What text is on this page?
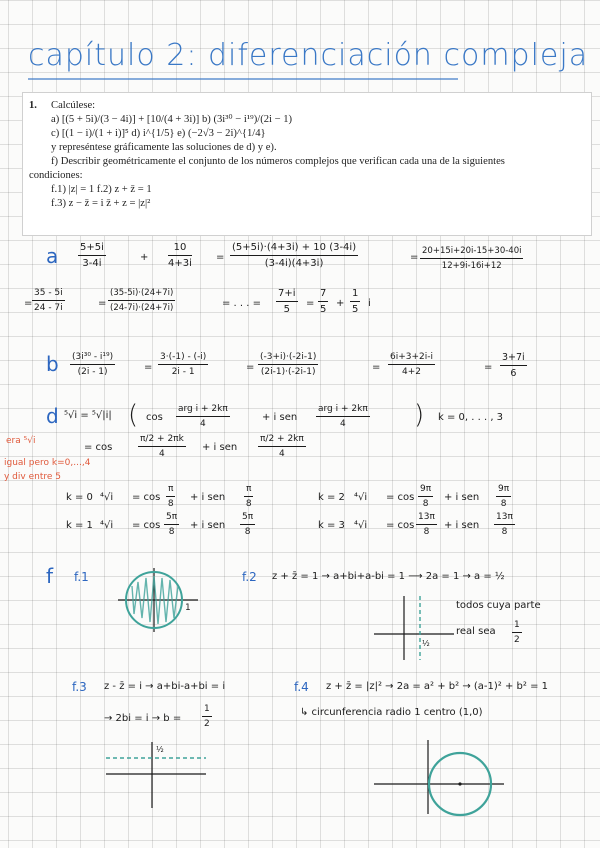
capítulo 2: diferenciación compleja
1. Calcúlese:
a) [(5 + 5i)/(3 − 4i)] + [10/(4 + 3i)] b) (3i³⁰ − i¹⁹)/(2i − 1)
c) [(1 − i)/(1 + i)]⁵ d) i^{1/5} e) (−2√3 − 2i)^{1/4}
y represéntese gráficamente las soluciones de d) y e).
f) Describir geométricamente el conjunto de los números complejos que verifican cada una de la siguientes
condiciones:
f.1) |z| = 1 f.2) z + z̄ = 1
f.3) z − z̄ = i z̄ + z = |z|²
a 5+5i
3-4i
+
10
4+3i
=
(5+5i)·(4+3i) + 10 (3-4i)
(3-4i)(4+3i)
=
20+15i+20i-15+30-40i
12+9i-16i+12
=
35 - 5i
24 - 7i	=
(35-5i)·(24+7i)
(24-7i)·(24+7i)	= . . . =
7+i
5
=
7
5
+
1
5
i
b (3i³⁰ - i¹⁹)
(2i - 1)	=
3·(-1) - (-i)
2i - 1	=
(-3+i)·(-2i-1)
(2i-1)·(-2i-1)	=
6i+3+2i-i
4+2	=
3+7i
6
d ⁵√i = ⁵√|i| ( cos
arg i + 2kπ
4
+ i sen
arg i + 2kπ
4	) k = 0, . . . , 3
= cos
π/2 + 2πk
4
+ i sen
π/2 + 2kπ
4
era ⁵√i
igual pero k=0,...,4
y div entre 5
k = 0 ⁴√i = cos
π
8
+ i sen
π
8
k = 1 ⁴√i = cos
5π
8
+ i sen
5π
8
k = 2 ⁴√i = cos
9π
8
+ i sen
9π
8
k = 3 ⁴√i = cos
13π
8
+ i sen
13π
8
f f.1
1
f.2 z + z̄ = 1 → a+bi+a-bi = 1 ⟶ 2a = 1 → a = ½
todos cuya parte
real sea
1
2
½
f.3 z - z̄ = i → a+bi-a+bi = i
→ 2bi = i → b =
1
2
½
f.4 z + z̄ = |z|² → 2a = a² + b² → (a-1)² + b² = 1
↳ circunferencia radio 1 centro (1,0)
